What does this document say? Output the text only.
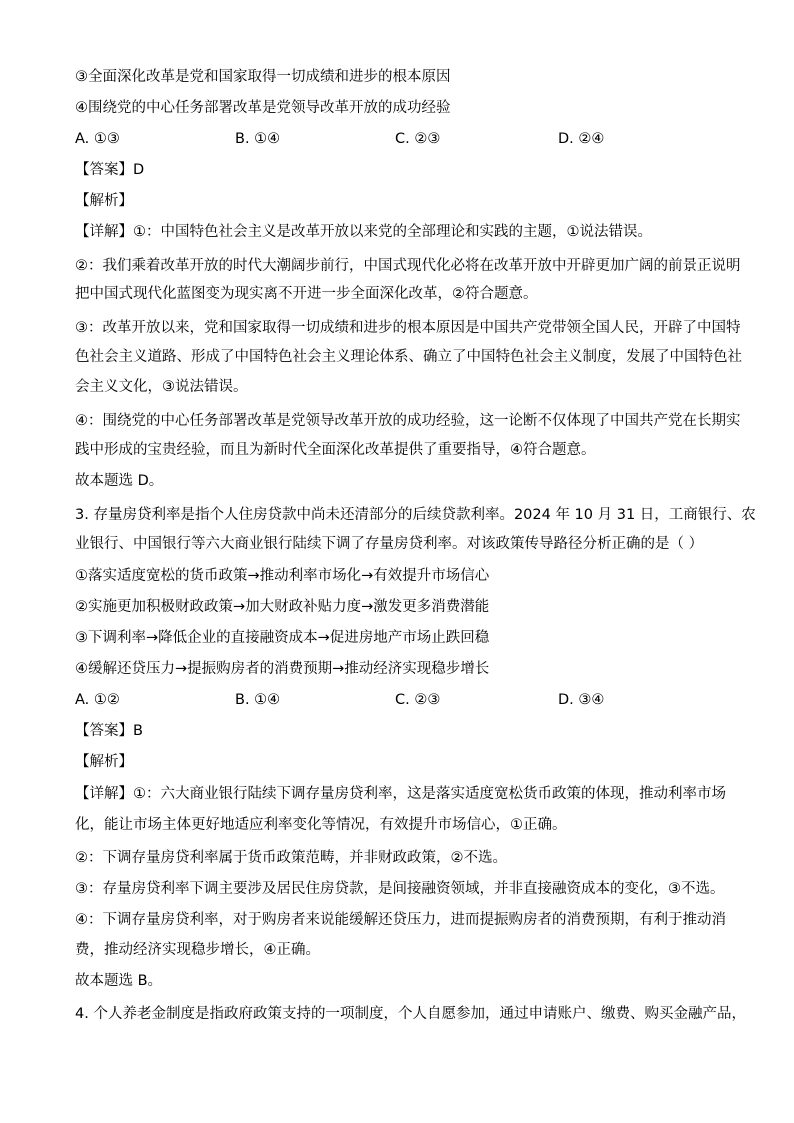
③全面深化改革是党和国家取得一切成绩和进步的根本原因
④围绕党的中心任务部署改革是党领导改革开放的成功经验
A. ①③	B. ①④	C. ②③	D. ②④
【答案】D
【解析】
【详解】①：中国特色社会主义是改革开放以来党的全部理论和实践的主题，①说法错误。
②：我们乘着改革开放的时代大潮阔步前行，中国式现代化必将在改革开放中开辟更加广阔的前景正说明
把中国式现代化蓝图变为现实离不开进一步全面深化改革，②符合题意。
③：改革开放以来，党和国家取得一切成绩和进步的根本原因是中国共产党带领全国人民，开辟了中国特
色社会主义道路、形成了中国特色社会主义理论体系、确立了中国特色社会主义制度，发展了中国特色社
会主义文化，③说法错误。
④：围绕党的中心任务部署改革是党领导改革开放的成功经验，这一论断不仅体现了中国共产党在长期实
践中形成的宝贵经验，而且为新时代全面深化改革提供了重要指导，④符合题意。
故本题选 D。
3. 存量房贷利率是指个人住房贷款中尚未还清部分的后续贷款利率。2024 年 10 月 31 日，工商银行、农
业银行、中国银行等六大商业银行陆续下调了存量房贷利率。对该政策传导路径分析正确的是（ ）
①落实适度宽松的货币政策→推动利率市场化→有效提升市场信心
②实施更加积极财政政策→加大财政补贴力度→激发更多消费潜能
③下调利率→降低企业的直接融资成本→促进房地产市场止跌回稳
④缓解还贷压力→提振购房者的消费预期→推动经济实现稳步增长
A. ①②	B. ①④	C. ②③	D. ③④
【答案】B
【解析】
【详解】①：六大商业银行陆续下调存量房贷利率，这是落实适度宽松货币政策的体现，推动利率市场
化，能让市场主体更好地适应利率变化等情况，有效提升市场信心，①正确。
②：下调存量房贷利率属于货币政策范畴，并非财政政策，②不选。
③：存量房贷利率下调主要涉及居民住房贷款，是间接融资领域，并非直接融资成本的变化，③不选。
④：下调存量房贷利率，对于购房者来说能缓解还贷压力，进而提振购房者的消费预期，有利于推动消
费，推动经济实现稳步增长，④正确。
故本题选 B。
4. 个人养老金制度是指政府政策支持的一项制度，个人自愿参加，通过申请账户、缴费、购买金融产品，
